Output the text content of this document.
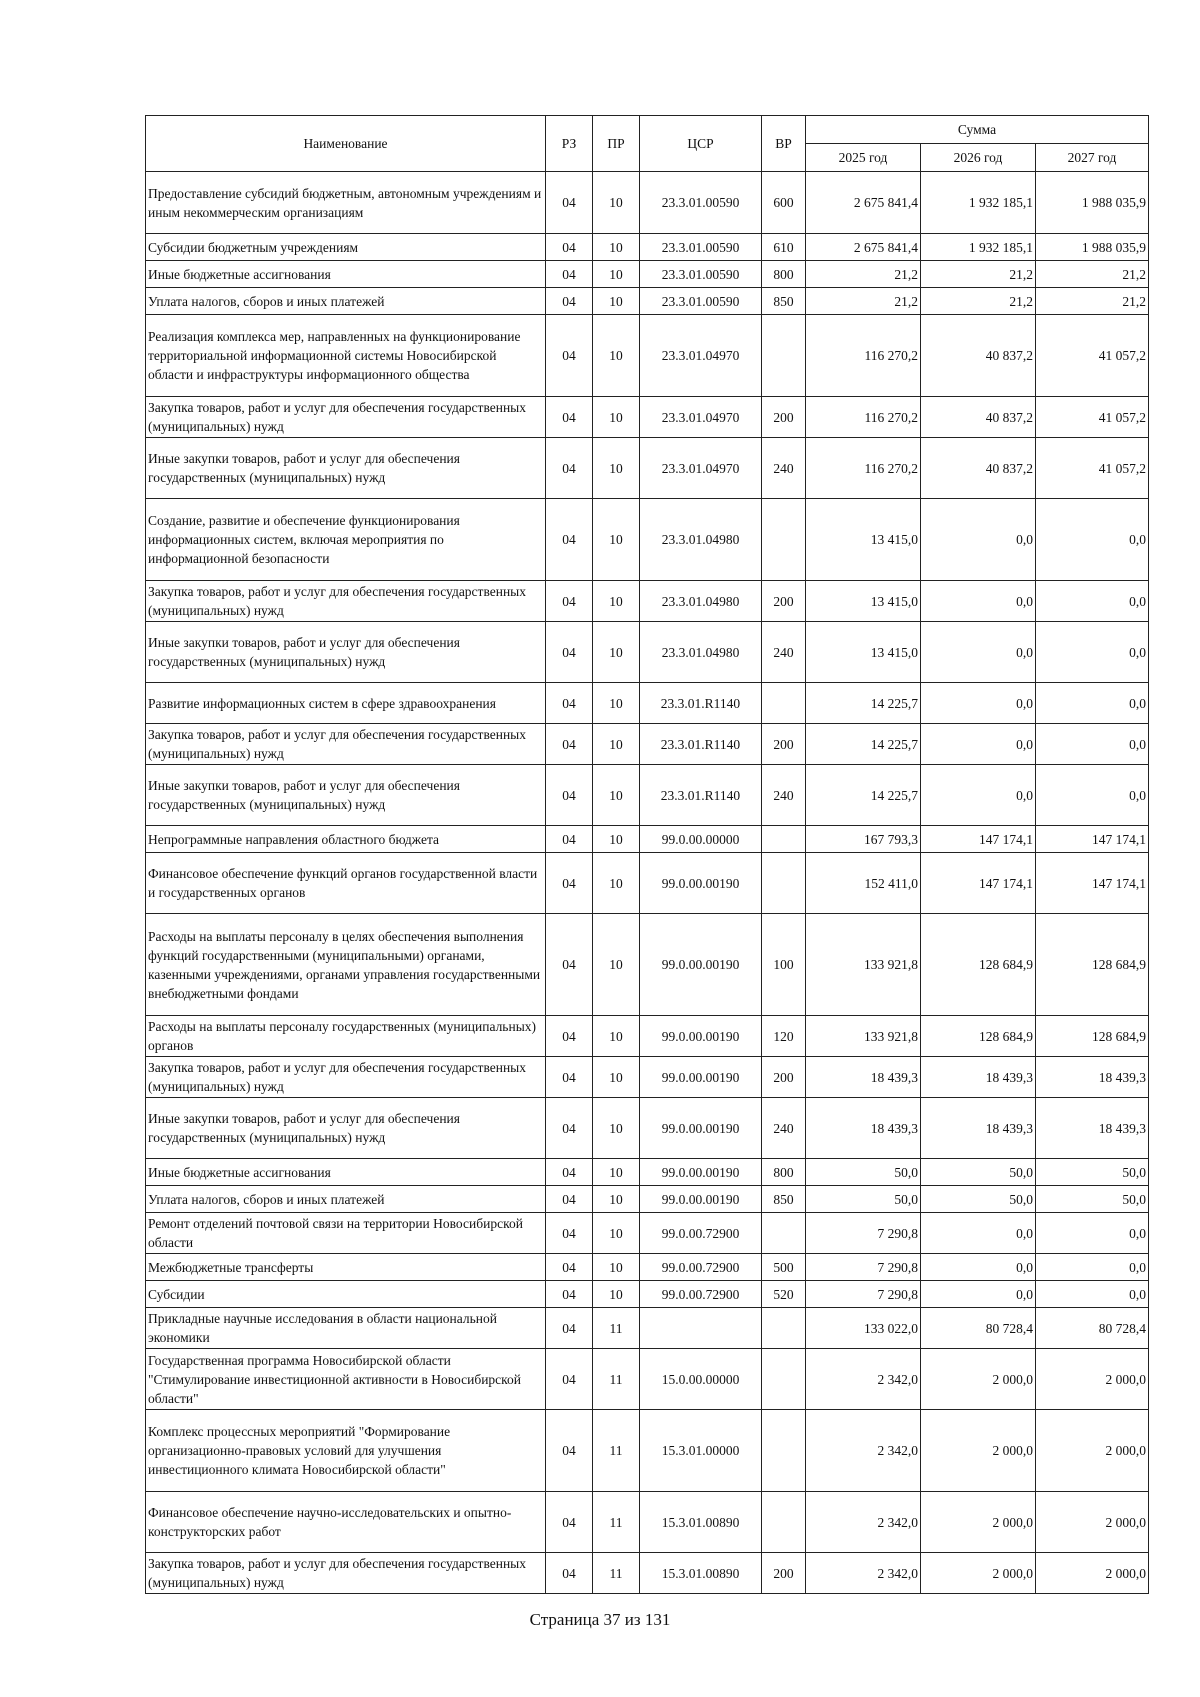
Наименование	РЗ	ПР	ЦСР	ВР	Сумма		
					2025 год	2026 год	2027 год
Предоставление субсидий бюджетным, автономным учреждениям и иным некоммерческим организациям	04	10	23.3.01.00590	600	2 675 841,4	1 932 185,1	1 988 035,9
Субсидии бюджетным учреждениям	04	10	23.3.01.00590	610	2 675 841,4	1 932 185,1	1 988 035,9
Иные бюджетные ассигнования	04	10	23.3.01.00590	800	21,2	21,2	21,2
Уплата налогов, сборов и иных платежей	04	10	23.3.01.00590	850	21,2	21,2	21,2
Реализация комплекса мер, направленных на функционирование территориальной информационной системы Новосибирской области и инфраструктуры информационного общества	04	10	23.3.01.04970		116 270,2	40 837,2	41 057,2
Закупка товаров, работ и услуг для обеспечения государственных (муниципальных) нужд	04	10	23.3.01.04970	200	116 270,2	40 837,2	41 057,2
Иные закупки товаров, работ и услуг для обеспечения государственных (муниципальных) нужд	04	10	23.3.01.04970	240	116 270,2	40 837,2	41 057,2
Создание, развитие и обеспечение функционирования информационных систем, включая мероприятия по информационной безопасности	04	10	23.3.01.04980		13 415,0	0,0	0,0
Закупка товаров, работ и услуг для обеспечения государственных (муниципальных) нужд	04	10	23.3.01.04980	200	13 415,0	0,0	0,0
Иные закупки товаров, работ и услуг для обеспечения государственных (муниципальных) нужд	04	10	23.3.01.04980	240	13 415,0	0,0	0,0
Развитие информационных систем в сфере здравоохранения	04	10	23.3.01.R1140		14 225,7	0,0	0,0
Закупка товаров, работ и услуг для обеспечения государственных (муниципальных) нужд	04	10	23.3.01.R1140	200	14 225,7	0,0	0,0
Иные закупки товаров, работ и услуг для обеспечения государственных (муниципальных) нужд	04	10	23.3.01.R1140	240	14 225,7	0,0	0,0
Непрограммные направления областного бюджета	04	10	99.0.00.00000		167 793,3	147 174,1	147 174,1
Финансовое обеспечение функций органов государственной власти и государственных органов	04	10	99.0.00.00190		152 411,0	147 174,1	147 174,1
Расходы на выплаты персоналу в целях обеспечения выполнения функций государственными (муниципальными) органами, казенными учреждениями, органами управления государственными внебюджетными фондами	04	10	99.0.00.00190	100	133 921,8	128 684,9	128 684,9
Расходы на выплаты персоналу государственных (муниципальных) органов	04	10	99.0.00.00190	120	133 921,8	128 684,9	128 684,9
Закупка товаров, работ и услуг для обеспечения государственных (муниципальных) нужд	04	10	99.0.00.00190	200	18 439,3	18 439,3	18 439,3
Иные закупки товаров, работ и услуг для обеспечения государственных (муниципальных) нужд	04	10	99.0.00.00190	240	18 439,3	18 439,3	18 439,3
Иные бюджетные ассигнования	04	10	99.0.00.00190	800	50,0	50,0	50,0
Уплата налогов, сборов и иных платежей	04	10	99.0.00.00190	850	50,0	50,0	50,0
Ремонт отделений почтовой связи на территории Новосибирской области	04	10	99.0.00.72900		7 290,8	0,0	0,0
Межбюджетные трансферты	04	10	99.0.00.72900	500	7 290,8	0,0	0,0
Субсидии	04	10	99.0.00.72900	520	7 290,8	0,0	0,0
Прикладные научные исследования в области национальной экономики	04	11			133 022,0	80 728,4	80 728,4
Государственная программа Новосибирской области "Стимулирование инвестиционной активности в Новосибирской области"	04	11	15.0.00.00000		2 342,0	2 000,0	2 000,0
Комплекс процессных мероприятий "Формирование организационно-правовых условий для улучшения инвестиционного климата Новосибирской области"	04	11	15.3.01.00000		2 342,0	2 000,0	2 000,0
Финансовое обеспечение научно-исследовательских и опытно-конструкторских работ	04	11	15.3.01.00890		2 342,0	2 000,0	2 000,0
Закупка товаров, работ и услуг для обеспечения государственных (муниципальных) нужд	04	11	15.3.01.00890	200	2 342,0	2 000,0	2 000,0
Страница 37 из 131
